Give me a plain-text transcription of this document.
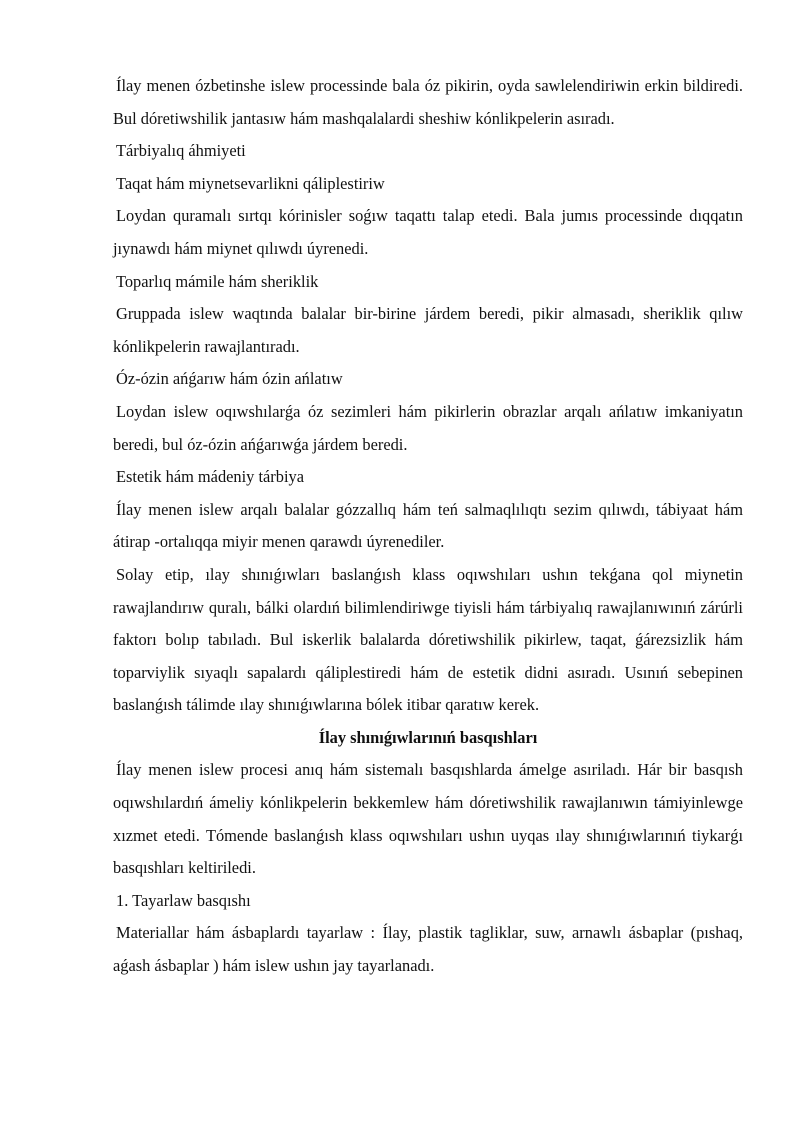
Ílay menen ózbetinshe islew processinde bala óz pikirin, oyda sawlelendiriwin erkin bildiredi. Bul dóretiwshilik jantasıw hám mashqalalardi sheshiw kónlikpelerin asıradı.

Tárbiyalıq áhmiyeti

Taqat hám miynetsevarlikni qáliplestiriw

Loydan quramalı sırtqı kórinisler soǵıw taqattı talap etedi. Bala jumıs processinde dıqqatın jıynawdı hám miynet qılıwdı úyrenedi.

Toparlıq mámile hám sheriklik

Gruppada islew waqtında balalar bir-birine járdem beredi, pikir almasadı, sheriklik qılıw kónlikpelerin rawajlantıradı.

Óz-ózin ańǵarıw hám ózin ańlatıw

Loydan islew oqıwshılarǵa óz sezimleri hám pikirlerin obrazlar arqalı ańlatıw imkaniyatın beredi, bul óz-ózin ańǵarıwǵa járdem beredi.

Estetik hám mádeniy tárbiya

Ílay menen islew arqalı balalar gózzallıq hám teń salmaqlılıqtı sezim qılıwdı, tábiyaat hám átirap -ortalıqqa miyir menen qarawdı úyrenediler.

Solay etip, ılay shınıǵıwları baslanǵısh klass oqıwshıları ushın tekǵana qol miynetin rawajlandırıw quralı, bálki olardıń bilimlendiriwge tiyisli hám tárbiyalıq rawajlanıwınıń zárúrli faktorı bolıp tabıladı. Bul iskerlik balalarda dóretiwshilik pikirlew, taqat, ǵárezsizlik hám toparviylik sıyaqlı sapalardı qáliplestiredi hám de estetik didni asıradı. Usınıń sebepinen baslanǵısh tálimde ılay shınıǵıwlarına bólek itibar qaratıw kerek.

Ílay shınıǵıwlarınıń basqıshları

Ílay menen islew procesi anıq hám sistemalı basqıshlarda ámelge asıriladı. Hár bir basqısh oqıwshılardıń ámeliy kónlikpelerin bekkemlew hám dóretiwshilik rawajlanıwın támiyinlewge xızmet etedi. Tómende baslanǵısh klass oqıwshıları ushın uyqas ılay shınıǵıwlarınıń tiykarǵı basqıshları keltiriledi.

1. Tayarlaw basqıshı

Materiallar hám ásbaplardı tayarlaw : Ílay, plastik tagliklar, suw, arnawlı ásbaplar (pıshaq, aǵash ásbaplar ) hám islew ushın jay tayarlanadı.
